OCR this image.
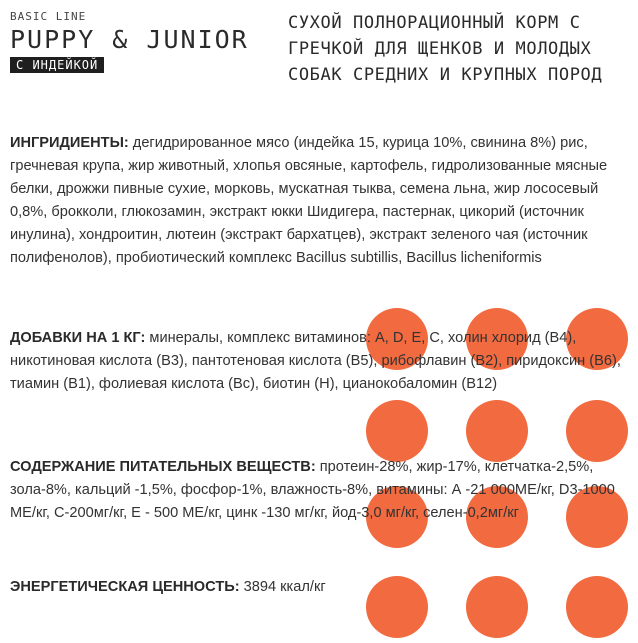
BASIC LINE
PUPPY & JUNIOR
С ИНДЕЙКОЙ
СУХОЙ ПОЛНОРАЦИОННЫЙ КОРМ С ГРЕЧКОЙ ДЛЯ ЩЕНКОВ И МОЛОДЫХ СОБАК СРЕДНИХ И КРУПНЫХ ПОРОД
ИНГРИДИЕНТЫ: дегидрированное мясо (индейка 15, курица 10%, свинина 8%) рис, гречневая крупа, жир животный, хлопья овсяные, картофель, гидролизованные мясные белки, дрожжи пивные сухие, морковь, мускатная тыква, семена льна, жир лососевый 0,8%, брокколи, глюкозамин, экстракт юкки Шидигера, пастернак, цикорий (источник инулина), хондроитин, лютеин (экстракт бархатцев), экстракт зеленого чая (источник полифенолов), пробиотический комплекс Bacillus subtillis, Bacillus licheniformis
ДОБАВКИ НА 1 КГ: минералы, комплекс витаминов: А, D, E, C, холин хлорид (В4), никотиновая кислота (В3), пантотеновая кислота (В5), рибофлавин (В2), пиридоксин (В6), тиамин (В1), фолиевая кислота (Вс), биотин (Н), цианокобаломин (В12)
СОДЕРЖАНИЕ ПИТАТЕЛЬНЫХ ВЕЩЕСТВ: протеин-28%, жир-17%, клетчатка-2,5%, зола-8%, кальций -1,5%, фосфор-1%, влажность-8%, витамины: А -21 000МЕ/кг, D3-1000 МЕ/кг, С-200мг/кг, Е - 500 МЕ/кг, цинк -130 мг/кг, йод-3,0 мг/кг, селен-0,2мг/кг
ЭНЕРГЕТИЧЕСКАЯ ЦЕННОСТЬ: 3894 ккал/кг
